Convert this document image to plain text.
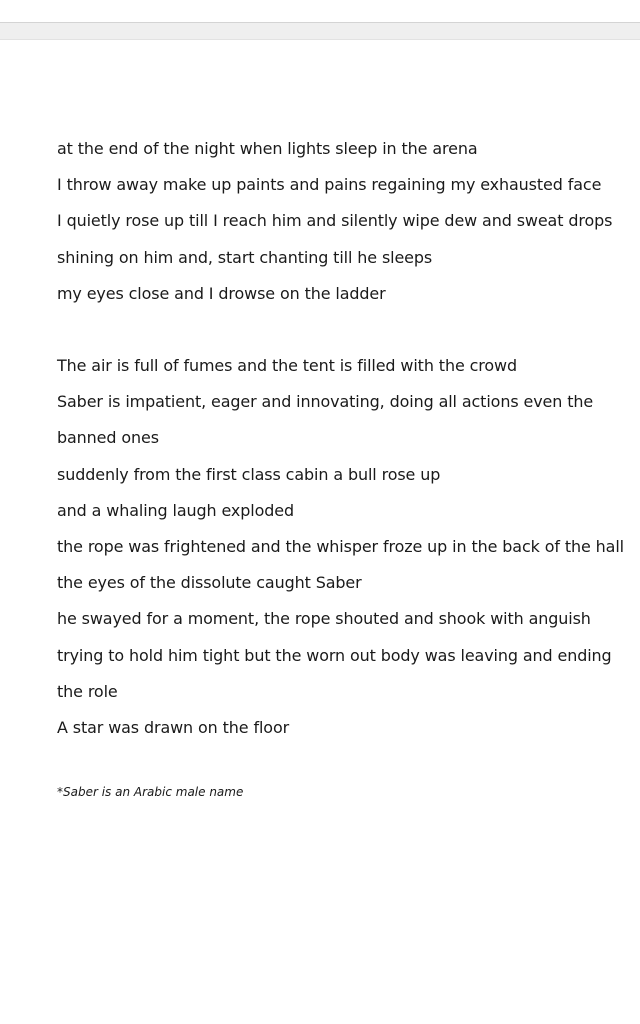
at the end of the night when lights sleep in the arena
I throw away make up paints and pains regaining my exhausted face
I quietly rose up till I reach him and silently wipe dew and sweat drops
shining on him and, start chanting till he sleeps
my eyes close and I drowse on the ladder
The air is full of fumes and the tent is filled with the crowd
Saber is impatient, eager and innovating, doing all actions even the
banned ones
suddenly from the first class cabin a bull rose up
and a whaling laugh exploded
the rope was frightened and the whisper froze up in the back of the hall
the eyes of the dissolute caught Saber
he swayed for a moment, the rope shouted and shook with anguish
trying to hold him tight but the worn out body was leaving and ending
the role
A star was drawn on the floor
*Saber is an Arabic male name
